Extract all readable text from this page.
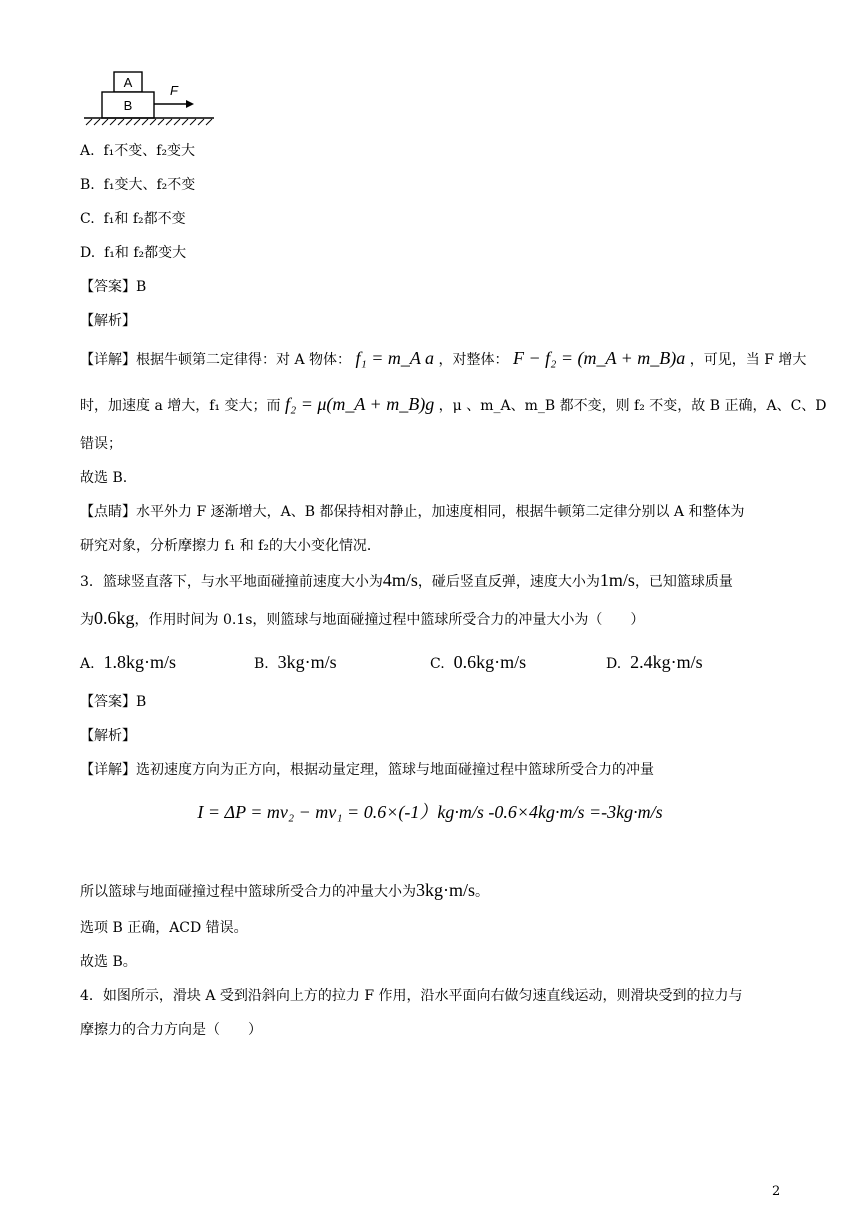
A
B
F
A. f₁不变、f₂变大
B. f₁变大、f₂不变
C. f₁和 f₂都不变
D. f₁和 f₂都变大
【答案】B
【解析】
【详解】根据牛顿第二定律得：对 A 物体： f₁ = m_A a ，对整体： F − f₂ = (m_A + m_B)a ，可见，当 F 增大
时，加速度 a 增大，f₁ 变大；而 f₂ = μ(m_A + m_B)g ，μ 、m_A、m_B 都不变，则 f₂ 不变，故 B 正确，A、C、D
错误；
故选 B.
【点睛】水平外力 F 逐渐增大，A、B 都保持相对静止，加速度相同，根据牛顿第二定律分别以 A 和整体为
研究对象，分析摩擦力 f₁ 和 f₂的大小变化情况．
3．篮球竖直落下，与水平地面碰撞前速度大小为4m/s，碰后竖直反弹，速度大小为1m/s，已知篮球质量
为0.6kg，作用时间为 0.1s，则篮球与地面碰撞过程中篮球所受合力的冲量大小为（　　）
A. 1.8kg·m/s	B. 3kg·m/s	C. 0.6kg·m/s	D. 2.4kg·m/s
【答案】B
【解析】
【详解】选初速度方向为正方向，根据动量定理，篮球与地面碰撞过程中篮球所受合力的冲量
I = ΔP = mv₂ − mv₁ = 0.6×(-1）kg·m/s -0.6×4kg·m/s =-3kg·m/s
所以篮球与地面碰撞过程中篮球所受合力的冲量大小为3kg·m/s。
选项 B 正确，ACD 错误。
故选 B。
4．如图所示，滑块 A 受到沿斜向上方的拉力 F 作用，沿水平面向右做匀速直线运动，则滑块受到的拉力与
摩擦力的合力方向是（　　）
2
